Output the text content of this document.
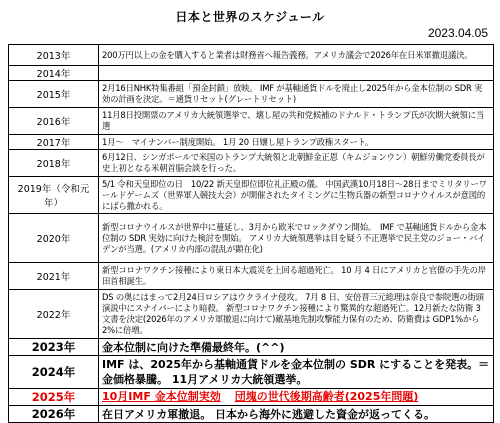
日本と世界のスケジュール
2023.04.05
2013年	200万円以上の金を購入すると業者は財務省へ報告義務。アメリカ議会で2026年在日米軍撤退議決。
2014年	
2015年	2月16日NHK特集番組「預金封鎖」放映。 IMF が基軸通貨ドルを廃止し2025年から金本位制の SDR 実効の計画を決定。＝通貨リセット(グレートリセット)
2016年	11月8日投開票のアメリカ大統領選挙で、壊し屋の共和党候補のドナルド・トランプ氏が次期大統領に当選
2017年	1月～　マイナンバー制度開始。 1月 20 日嬢し屋トランプ政権スタート。
2018年	6月12日、シンガポールで米国のトランプ大統領と北朝鮮金正恩（キムジョンウン）朝鮮労働党委員長が史上初となる米朝首脳会談を行った。
2019年（令和元年）	5/1 令和天皇即位の日　10/22 新天皇即位即位礼正殿の儀。 中国武漢10月18日～28日までミリタリーワールドゲームズ（世界軍人競技大会）が開催されたタイミングに生物兵器の新型コロナウイルスが意図的にばら撒かれる。
2020年	新型コロナウイルスが世界中に蔓延し、3月から欧米でロックダウン開始。　IMF で基軸通貨ドルから金本位制の SDR 実効に向けた検討を開始。 アメリカ大統領選挙は目を疑う不正選挙で民主党のジョー・バイデンが当選。(アメリカ内部の混乱が顕在化)
2021年	新型コロナワクチン接種により東日本大震災を上回る超過死亡。 10 月 4 日にアメリカと官僚の手先の岸田首相誕生。
2022年	DS の奥にはまって2月24日ロシアはウクライナ侵攻。 7月 8 日、安倍晋三元総理は奈良で参院選の街頭演説中にスナイパーにより暗殺。 新型コロナワクチン接種により驚異的な超過死亡。12月新たな防衛 3 文書を決定(2026年のアメリカ軍撤退に向けて)敵基地先制攻撃能力保有のため、防衛費は GDP1%から2%に倍増。
2023年	金本位制に向けた準備最終年。(^^)
2024年	IMF は、2025年から基軸通貨ドルを金本位制の SDR にすることを発表。＝金価格暴騰。 11月アメリカ大統領選挙。
2025年	10月IMF 金本位制実効 団塊の世代後期高齢者(2025年問題)
2026年	在日アメリカ軍撤退。 日本から海外に逃避した資金が返ってくる。
